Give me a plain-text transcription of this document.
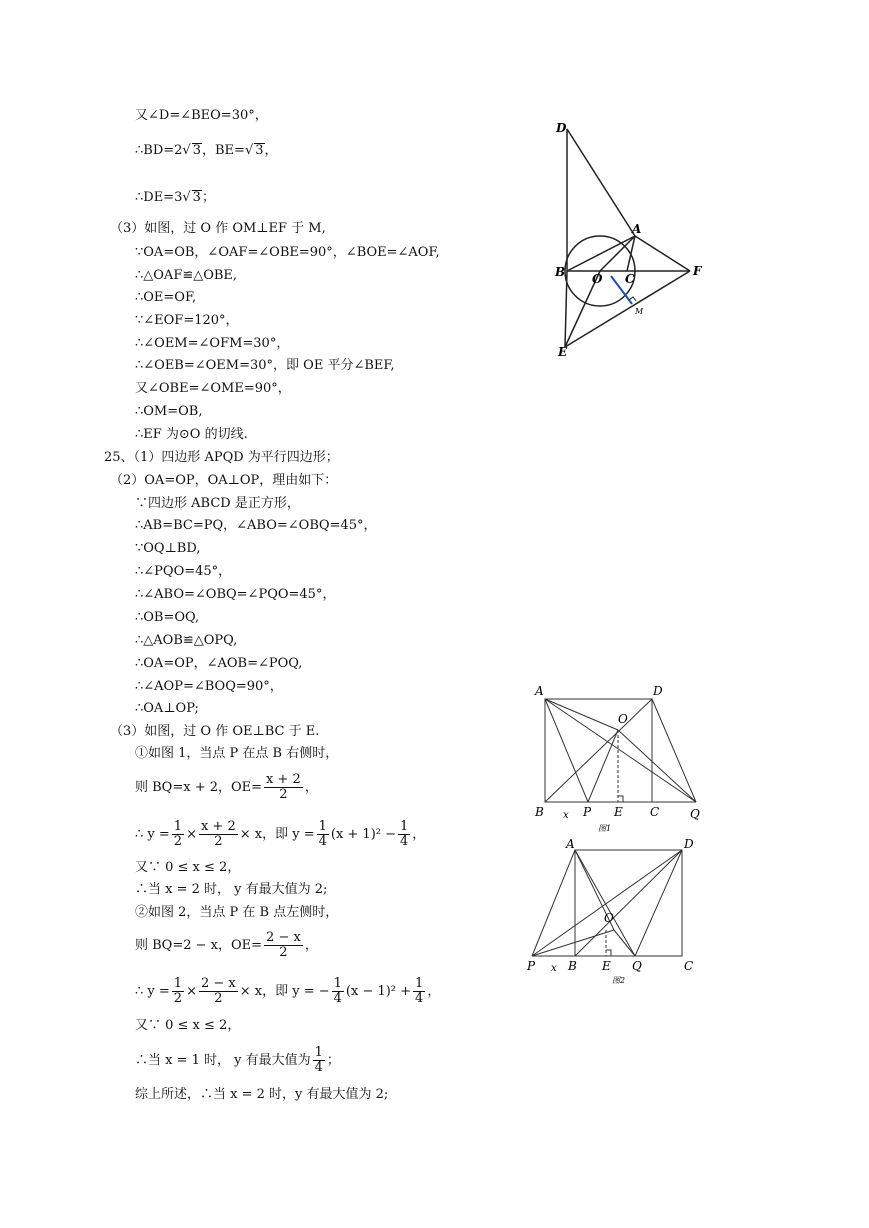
又∠D=∠BEO=30°，
∴BD=2√ 3，BE=√ 3，
∴DE=3√ 3；
（3）如图，过 O 作 OM⊥EF 于 M,
∵OA=OB，∠OAF=∠OBE=90°，∠BOE=∠AOF,
∴△OAF≌△OBE,
∴OE=OF,
∵∠EOF=120°，
∴∠OEM=∠OFM=30°，
∴∠OEB=∠OEM=30°，即 OE 平分∠BEF,
又∠OBE=∠OME=90°，
∴OM=OB,
∴EF 为⊙O 的切线.
25、（1）四边形 APQD 为平行四边形；
（2）OA=OP，OA⊥OP，理由如下：
∵四边形 ABCD 是正方形，
∴AB=BC=PQ，∠ABO=∠OBQ=45°，
∵OQ⊥BD,
∴∠PQO=45°，
∴∠ABO=∠OBQ=∠PQO=45°，
∴OB=OQ,
∴△AOB≌△OPQ,
∴OA=OP，∠AOB=∠POQ,
∴∠AOP=∠BOQ=90°，
∴OA⊥OP;
（3）如图，过 O 作 OE⊥BC 于 E.
①如图 1，当点 P 在点 B 右侧时，
则 BQ=x + 2，$OE= \frac{x + 2}{2}$ ，
∴ $y = \frac{1}{2} \times \frac{x + 2}{2} \times x$，即 $y = \frac{1}{4} (x + 1)^2 - \frac{1}{4}$ ，
又∵ 0 ≤ x ≤ 2，
∴当 x = 2 时， y 有最大值为 2;
②如图 2，当点 P 在 B 点左侧时，
则 BQ=2 − x，$OE= \frac{2 - x}{2}$ ，
∴ $y = \frac{1}{2} \times \frac{2 - x}{2} \times x$，即 y = − $\frac{1}{4} (x - 1)^2 + \frac{1}{4}$ ，
又∵ 0 ≤ x ≤ 2，
∴当 x = 1 时， y 有最大值为 $\frac{1}{4}$ ；
综上所述，∴当 x = 2 时，y 有最大值为 2;
D
A
B O C
F
M
E
A	D
O
B x P E C	Q
图1
A	D
O
P x B E Q	C
图2
